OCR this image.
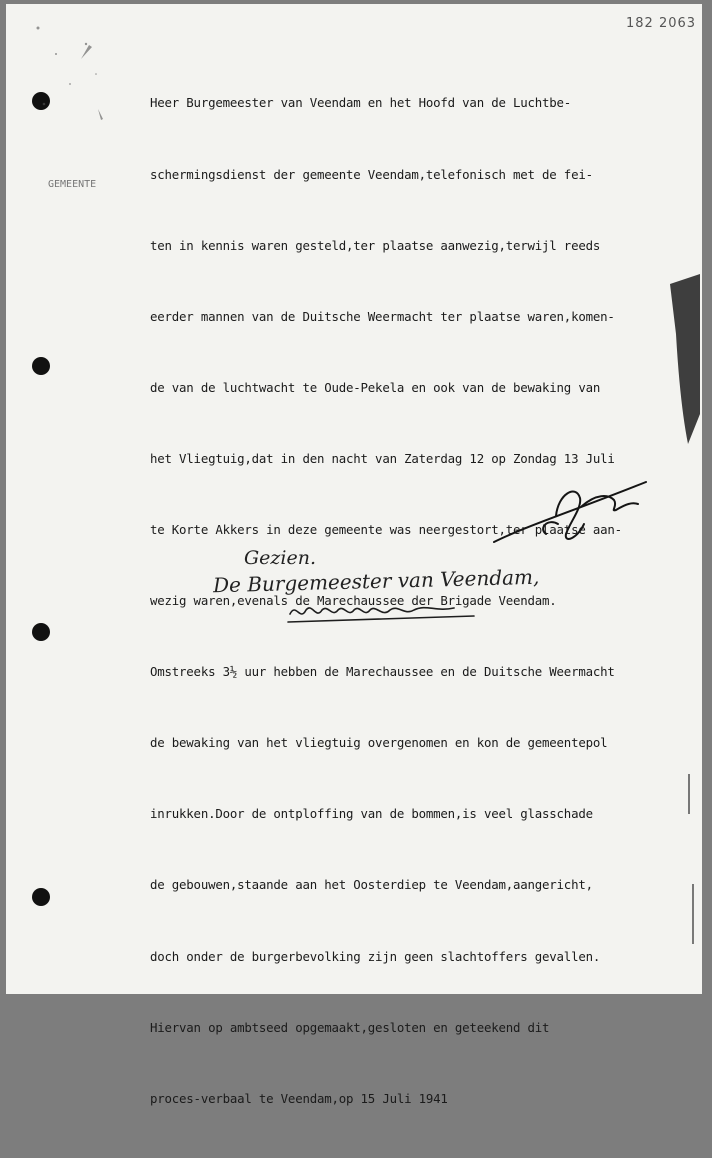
182 2063
GEMEENTE

Heer Burgemeester van Veendam en het Hoofd van de Luchtbe-

schermingsdienst der gemeente Veendam,telefonisch met de fei-

ten in kennis waren gesteld,ter plaatse aanwezig,terwijl reeds

eerder mannen van de Duitsche Weermacht ter plaatse waren,komen-

de van de luchtwacht te Oude-Pekela en ook van de bewaking van

het Vliegtuig,dat in den nacht van Zaterdag 12 op Zondag 13 Juli

te Korte Akkers in deze gemeente was neergestort,ter plaatse aan-

wezig waren,evenals de Marechaussee der Brigade Veendam.

Omstreeks 3½ uur hebben de Marechaussee en de Duitsche Weermacht

de bewaking van het vliegtuig overgenomen en kon de gemeentepol

inrukken.Door de ontploffing van de bommen,is veel glasschade

de gebouwen,staande aan het Oosterdiep te Veendam,aangericht,

doch onder de burgerbevolking zijn geen slachtoffers gevallen.

Hiervan op ambtseed opgemaakt,gesloten en geteekend dit

proces-verbaal te Veendam,op 15 Juli 1941

Gezien.
De Burgemeester van Veendam,
